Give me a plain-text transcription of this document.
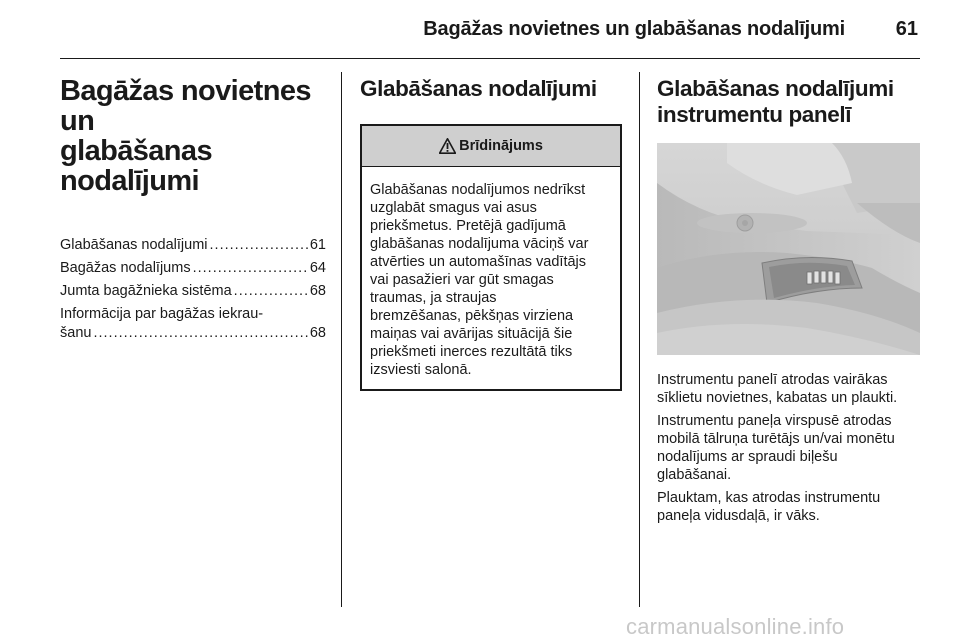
Bagāžas novietnes un glabāšanas nodalījumi	61
Bagāžas novietnes un
glabāšanas
nodalījumi
Glabāšanas nodalījumi .....	61
Bagāžas nodalījums .....	64
Jumta bagāžnieka sistēma .....	68
Informācija par bagāžas iekrau-
šanu .....	68
Glabāšanas nodalījumi
Brīdinājums
Glabāšanas nodalījumos nedrīkst
uzglabāt smagus vai asus
priekšmetus. Pretējā gadījumā
glabāšanas nodalījuma vāciņš var
atvērties un automašīnas vadītājs
vai pasažieri var gūt smagas
traumas, ja straujas
bremzēšanas, pēkšņas virziena
maiņas vai avārijas situācijā šie
priekšmeti inerces rezultātā tiks
izsviesti salonā.
Glabāšanas nodalījumi
instrumentu panelī

Instrumentu panelī atrodas vairākas
sīklietu novietnes, kabatas un plaukti.

Instrumentu paneļa virspusē atrodas
mobilā tālruņa turētājs un/vai monētu
nodalījums ar spraudi biļešu
glabāšanai.

Plauktam, kas atrodas instrumentu
paneļa vidusdaļā, ir vāks.

carmanualsonline.info
